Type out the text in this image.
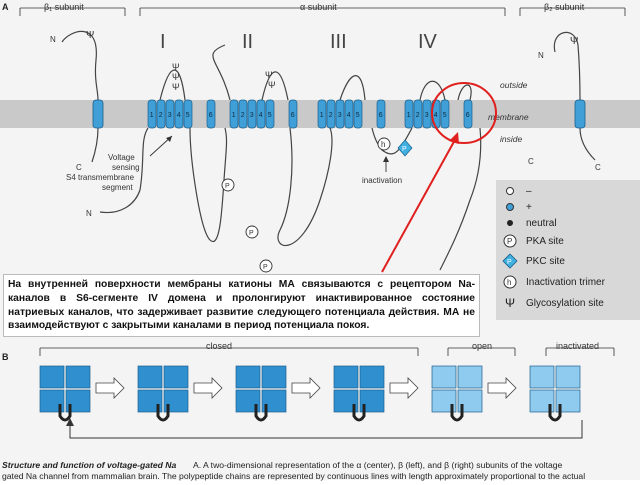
A	β₁ subunit	α subunit	β₂ subunit
I	II	III	IV
outside
membrane
inside
N
C
Ψ
N
C
Ψ
1 2 3 4 5	6	1 2 3 4 5	6	1 2 3 4 5	6	1 2 3 4 5	6
Ψ
Ψ
Ψ
Ψ
Ψ
N
C
Voltage
sensing
S4 transmembrane
segment
h
P
inactivation
P
P
P
B
closed	open	inactivated
На внутренней поверхности мембраны катионы МА связываются с рецептором Na-каналов в S6-сегменте IV домена и пролонгируют инактивированное состояние натриевых каналов, что задерживает развитие следующего потенциала действия. МА не взаимодействуют с закрытыми каналами в период потенциала покоя.
–
+
neutral
P PKA site
P PKC site
h Inactivation trimer
Ψ Glycosylation site
Structure and function of voltage-gated Na A. A two-dimensional representation of the α (center), β (left), and β (right) subunits of the voltage
gated Na channel from mammalian brain. The polypeptide chains are represented by continuous lines with length approximately proportional to the actual
